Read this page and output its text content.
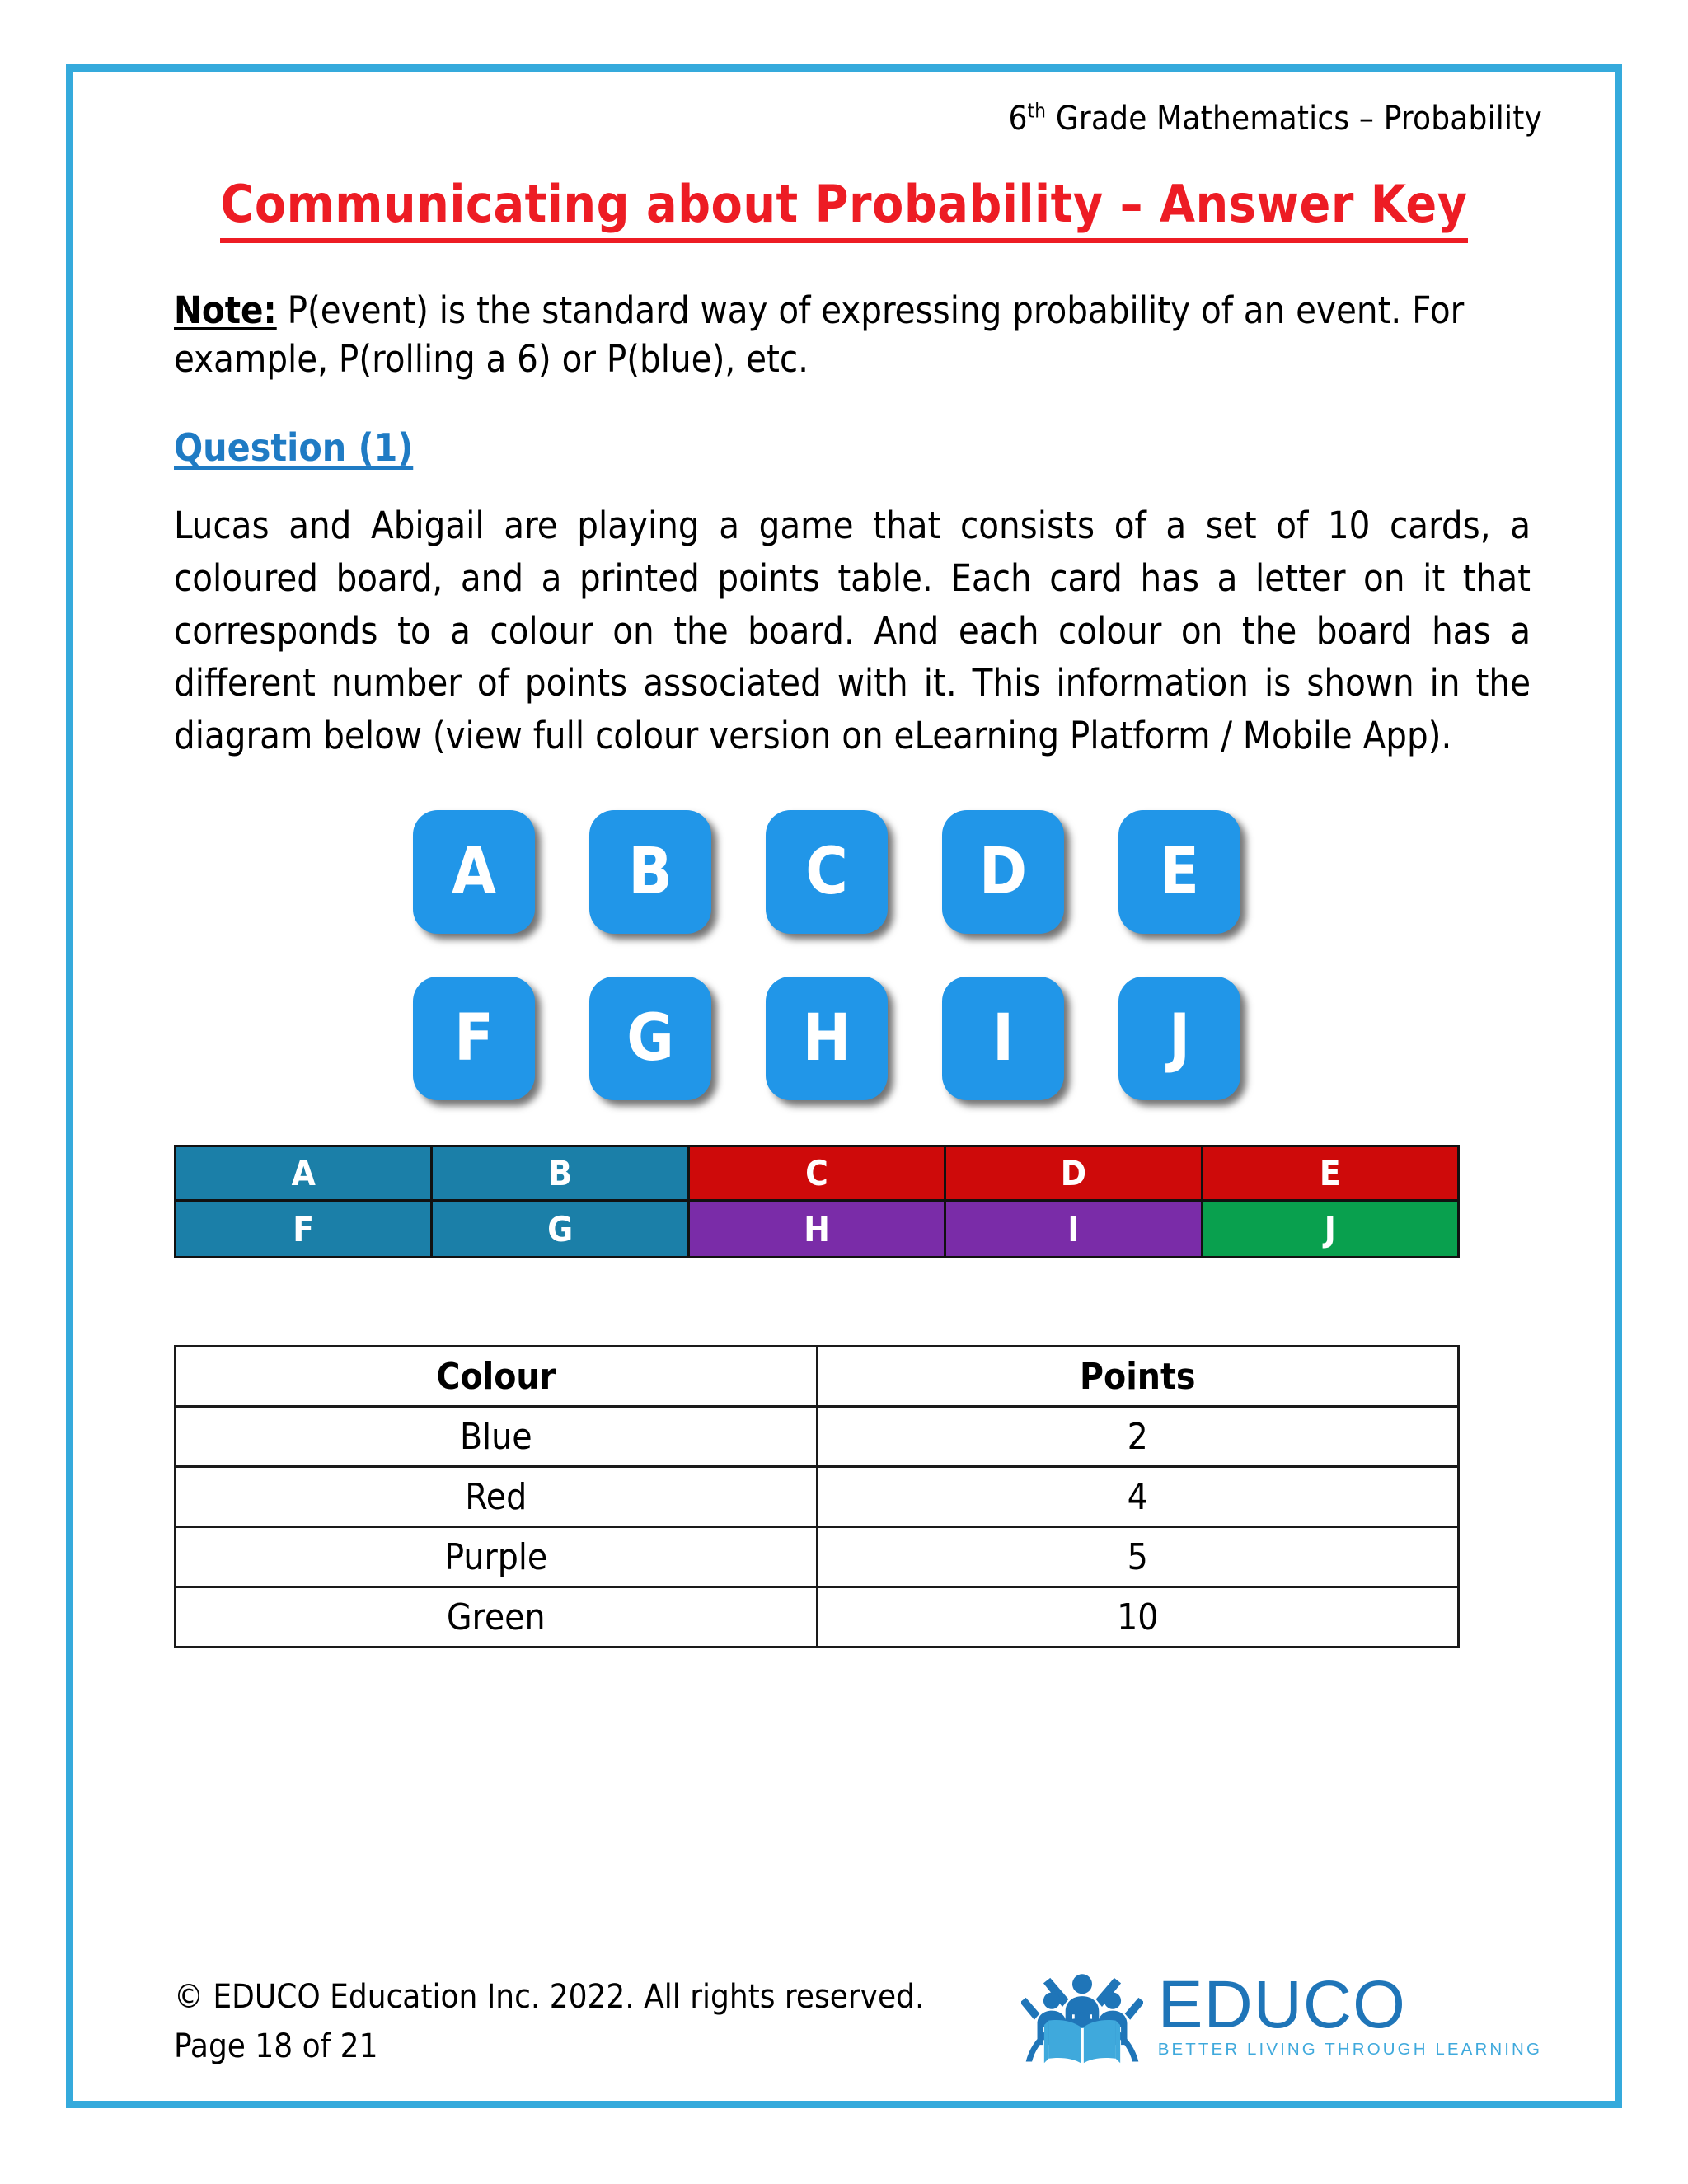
6th Grade Mathematics – Probability
Communicating about Probability – Answer Key
Note: P(event) is the standard way of expressing probability of an event. For example, P(rolling a 6) or P(blue), etc.
Question (1)
Lucas and Abigail are playing a game that consists of a set of 10 cards, a coloured board, and a printed points table. Each card has a letter on it that corresponds to a colour on the board. And each colour on the board has a different number of points associated with it. This information is shown in the diagram below (view full colour version on eLearning Platform / Mobile App).
A B C D E
F G H I J
A	B	C	D	E
F	G	H	I	J
Colour	Points
Blue	2
Red	4
Purple	5
Green	10
© EDUCO Education Inc. 2022. All rights reserved.
Page 18 of 21
EDUCO
BETTER LIVING THROUGH LEARNING
